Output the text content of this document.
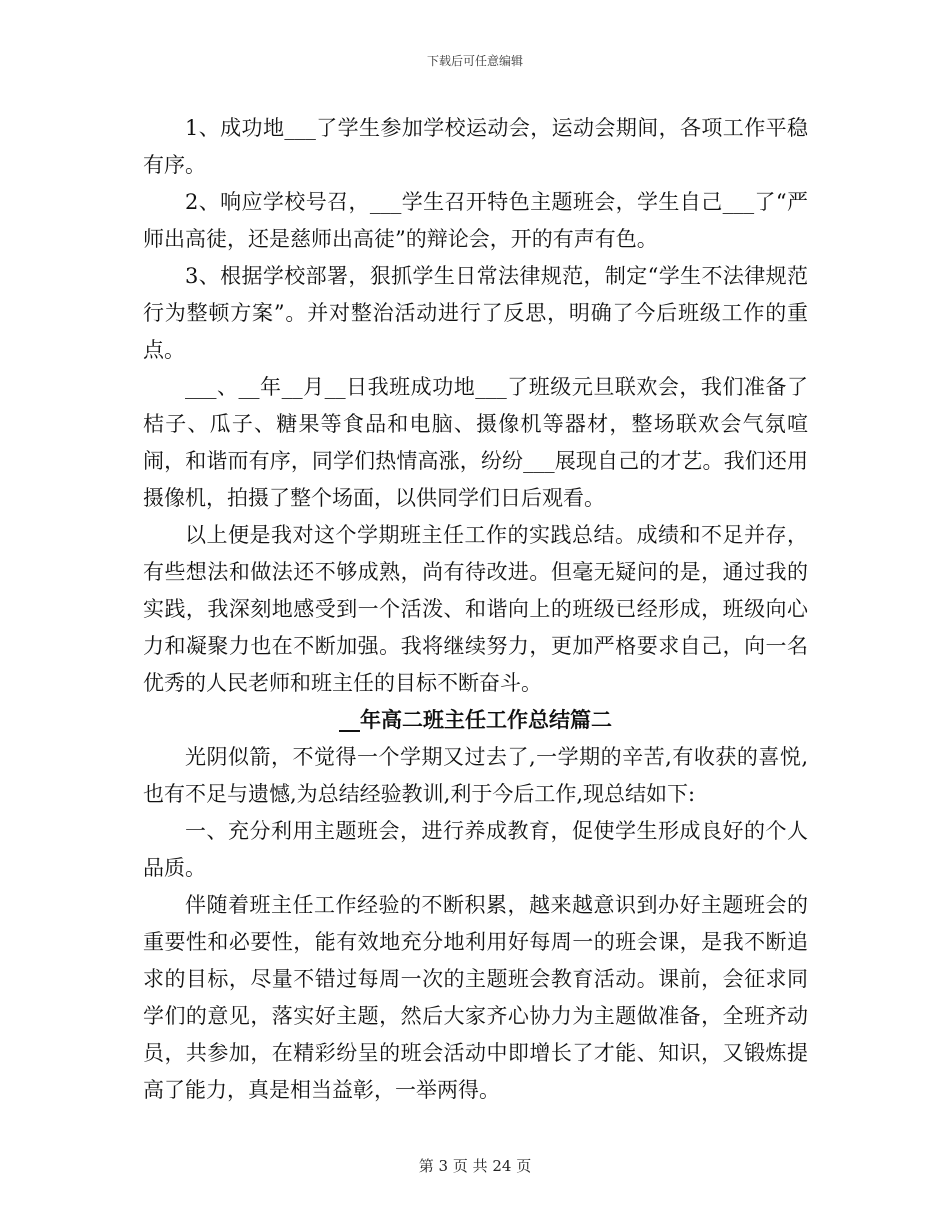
下载后可任意编辑

1、成功地___了学生参加学校运动会，运动会期间，各项工作平稳有序。

2、响应学校号召，___学生召开特色主题班会，学生自己___了“严师出高徒，还是慈师出高徒”的辩论会，开的有声有色。

3、根据学校部署，狠抓学生日常法律规范，制定“学生不法律规范行为整顿方案”。并对整治活动进行了反思，明确了今后班级工作的重点。

___、__年__月__日我班成功地___了班级元旦联欢会，我们准备了桔子、瓜子、糖果等食品和电脑、摄像机等器材，整场联欢会气氛喧闹，和谐而有序，同学们热情高涨，纷纷___展现自己的才艺。我们还用摄像机，拍摄了整个场面，以供同学们日后观看。

以上便是我对这个学期班主任工作的实践总结。成绩和不足并存，有些想法和做法还不够成熟，尚有待改进。但毫无疑问的是，通过我的实践，我深刻地感受到一个活泼、和谐向上的班级已经形成，班级向心力和凝聚力也在不断加强。我将继续努力，更加严格要求自己，向一名优秀的人民老师和班主任的目标不断奋斗。

__年高二班主任工作总结篇二

光阴似箭，不觉得一个学期又过去了,一学期的辛苦,有收获的喜悦,也有不足与遗憾,为总结经验教训,利于今后工作,现总结如下:

一、充分利用主题班会，进行养成教育，促使学生形成良好的个人品质。

伴随着班主任工作经验的不断积累，越来越意识到办好主题班会的重要性和必要性，能有效地充分地利用好每周一的班会课，是我不断追求的目标，尽量不错过每周一次的主题班会教育活动。课前，会征求同学们的意见，落实好主题，然后大家齐心协力为主题做准备，全班齐动员，共参加，在精彩纷呈的班会活动中即增长了才能、知识，又锻炼提高了能力，真是相当益彰，一举两得。

第 3 页 共 24 页
